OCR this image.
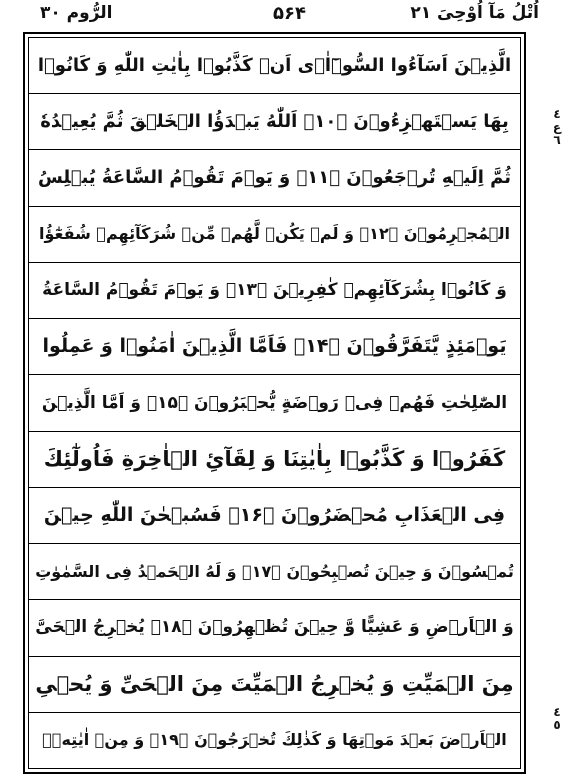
الرُّوم ۳۰	۵۶۴	اُتْلُ مَآ اُوْحِیَ ۲۱
الَّذِیۡنَ اَسَآءُوا السُّوۡٓاٰۤی اَنۡ كَذَّبُوۡا بِاٰیٰتِ اللّٰهِ وَ كَانُوۡا
بِهَا یَسۡتَهۡزِءُوۡنَ ﴿۱۰﴾ اَللّٰهُ یَبۡدَؤُا الۡخَلۡقَ ثُمَّ یُعِیۡدُهٗ
ثُمَّ اِلَیۡهِ تُرۡجَعُوۡنَ ﴿۱۱﴾ وَ یَوۡمَ تَقُوۡمُ السَّاعَةُ یُبۡلِسُ
الۡمُجۡرِمُوۡنَ ﴿۱۲﴾ وَ لَمۡ یَكُنۡ لَّهُمۡ مِّنۡ شُرَكَآئِهِمۡ شُفَعٰٓؤُا
وَ كَانُوۡا بِشُرَكَآئِهِمۡ كٰفِرِیۡنَ ﴿۱۳﴾ وَ یَوۡمَ تَقُوۡمُ السَّاعَةُ
یَوۡمَئِذٍ یَّتَفَرَّقُوۡنَ ﴿۱۴﴾ فَاَمَّا الَّذِیۡنَ اٰمَنُوۡا وَ عَمِلُوا
الصّٰلِحٰتِ فَهُمۡ فِیۡ رَوۡضَةٍ یُّحۡبَرُوۡنَ ﴿۱۵﴾ وَ اَمَّا الَّذِیۡنَ
كَفَرُوۡا وَ كَذَّبُوۡا بِاٰیٰتِنَا وَ لِقَآئِ الۡاٰخِرَةِ فَاُولٰٓئِكَ
فِی الۡعَذَابِ مُحۡضَرُوۡنَ ﴿۱۶﴾ فَسُبۡحٰنَ اللّٰهِ حِیۡنَ
تُمۡسُوۡنَ وَ حِیۡنَ تُصۡبِحُوۡنَ ﴿۱۷﴾ وَ لَهُ الۡحَمۡدُ فِی السَّمٰوٰتِ
وَ الۡاَرۡضِ وَ عَشِیًّا وَّ حِیۡنَ تُظۡهِرُوۡنَ ﴿۱۸﴾ یُخۡرِجُ الۡحَیَّ
مِنَ الۡمَیِّتِ وَ یُخۡرِجُ الۡمَیِّتَ مِنَ الۡحَیِّ وَ یُحۡیِ
الۡاَرۡضَ بَعۡدَ مَوۡتِهَا وَ كَذٰلِكَ تُخۡرَجُوۡنَ ﴿۱۹﴾ وَ مِنۡ اٰیٰتِهٖۤ
٤
ع
٦
٤
٥
